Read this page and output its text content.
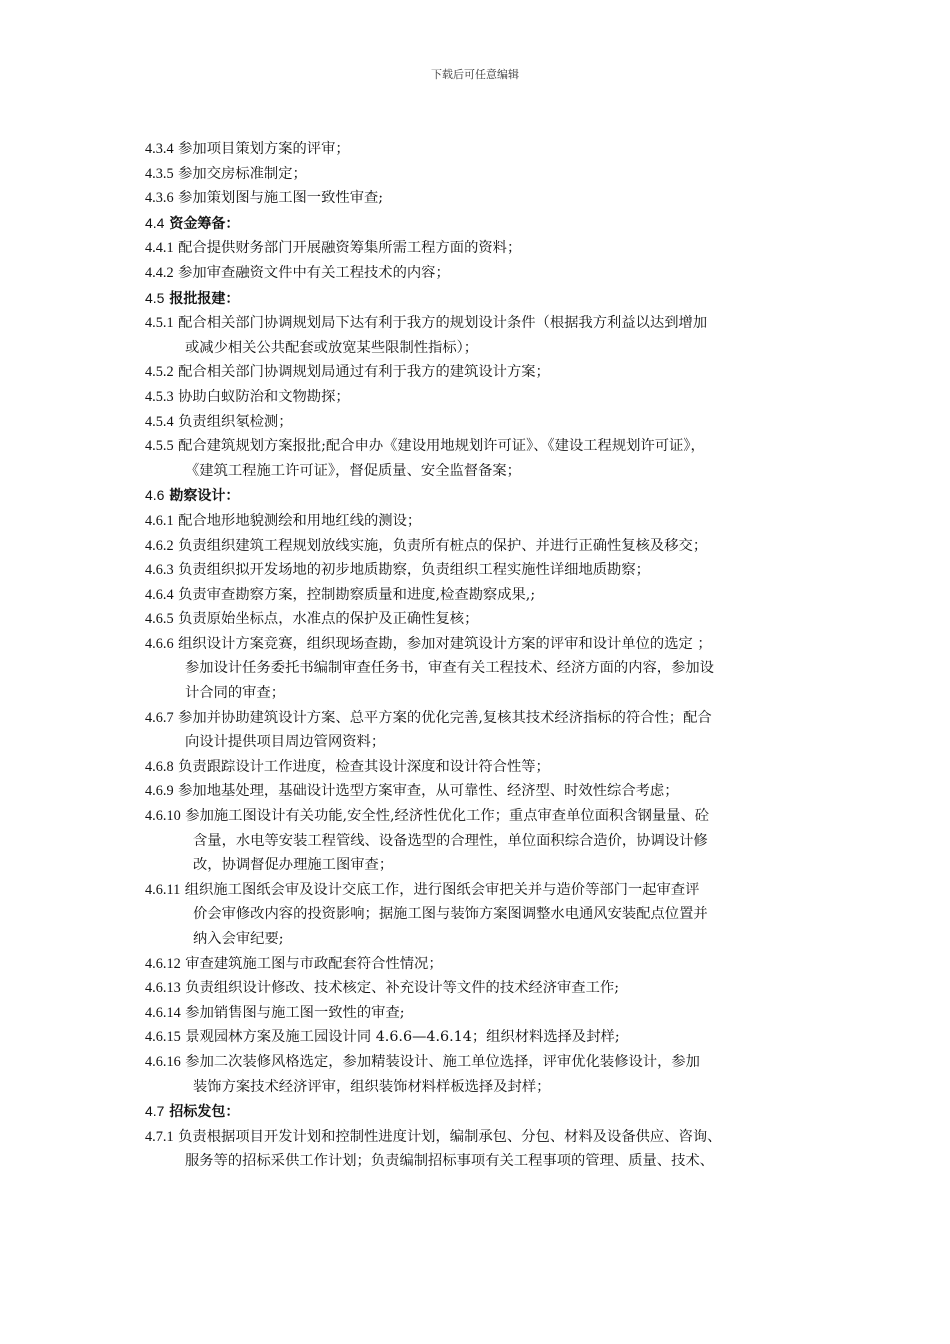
下载后可任意编辑
4.3.4 参加项目策划方案的评审；
4.3.5 参加交房标准制定；
4.3.6 参加策划图与施工图一致性审查;
4.4 资金筹备：
4.4.1 配合提供财务部门开展融资筹集所需工程方面的资料；
4.4.2 参加审查融资文件中有关工程技术的内容；
4.5 报批报建：
4.5.1 配合相关部门协调规划局下达有利于我方的规划设计条件（根据我方利益以达到增加
或减少相关公共配套或放宽某些限制性指标）；
4.5.2 配合相关部门协调规划局通过有利于我方的建筑设计方案；
4.5.3 协助白蚁防治和文物勘探；
4.5.4 负责组织氡检测；
4.5.5 配合建筑规划方案报批;配合申办《建设用地规划许可证》、《建设工程规划许可证》，
《建筑工程施工许可证》，督促质量、安全监督备案；
4.6 勘察设计：
4.6.1 配合地形地貌测绘和用地红线的测设；
4.6.2 负责组织建筑工程规划放线实施，负责所有桩点的保护、并进行正确性复核及移交；
4.6.3 负责组织拟开发场地的初步地质勘察，负责组织工程实施性详细地质勘察；
4.6.4 负责审查勘察方案，控制勘察质量和进度,检查勘察成果,;
4.6.5 负责原始坐标点，水准点的保护及正确性复核；
4.6.6 组织设计方案竞赛，组织现场查勘，参加对建筑设计方案的评审和设计单位的选定 ；
参加设计任务委托书编制审查任务书，审查有关工程技术、经济方面的内容，参加设
计合同的审查；
4.6.7 参加并协助建筑设计方案、总平方案的优化完善,复核其技术经济指标的符合性；配合
向设计提供项目周边管网资料；
4.6.8 负责跟踪设计工作进度，检查其设计深度和设计符合性等；
4.6.9 参加地基处理，基础设计选型方案审查，从可靠性、经济型、时效性综合考虑；
4.6.10 参加施工图设计有关功能,安全性,经济性优化工作；重点审查单位面积含钢量量、砼
含量，水电等安装工程管线、设备选型的合理性，单位面积综合造价，协调设计修
改，协调督促办理施工图审查；
4.6.11 组织施工图纸会审及设计交底工作，进行图纸会审把关并与造价等部门一起审查评
价会审修改内容的投资影响；据施工图与装饰方案图调整水电通风安装配点位置并
纳入会审纪要;
4.6.12 审查建筑施工图与市政配套符合性情况；
4.6.13 负责组织设计修改、技术核定、补充设计等文件的技术经济审查工作;
4.6.14 参加销售图与施工图一致性的审查;
4.6.15 景观园林方案及施工园设计同 4.6.6—4.6.14；组织材料选择及封样;
4.6.16 参加二次装修风格选定，参加精装设计、施工单位选择，评审优化装修设计，参加
装饰方案技术经济评审，组织装饰材料样板选择及封样；
4.7 招标发包：
4.7.1 负责根据项目开发计划和控制性进度计划，编制承包、分包、材料及设备供应、咨询、
服务等的招标采供工作计划；负责编制招标事项有关工程事项的管理、质量、技术、
